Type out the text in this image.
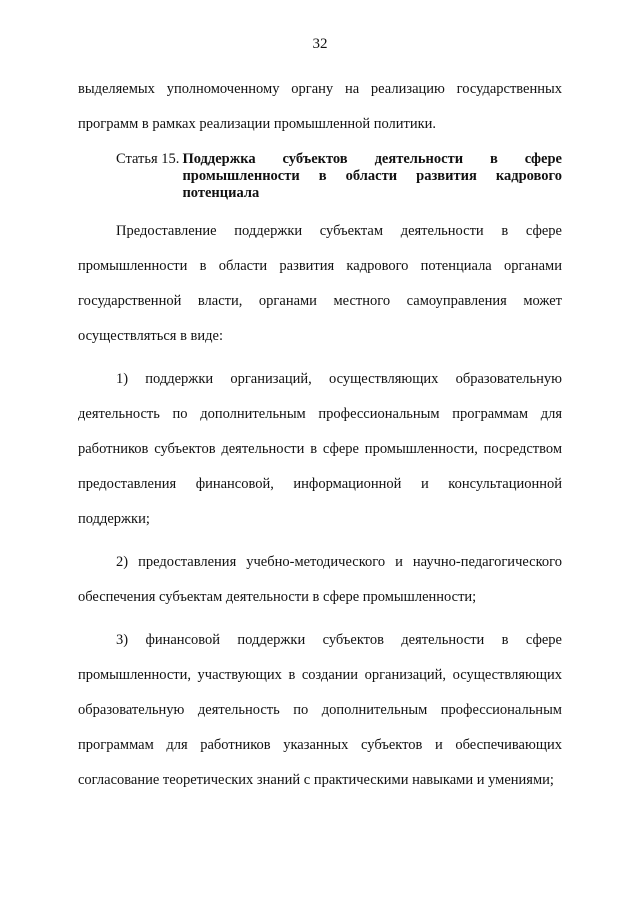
32

выделяемых уполномоченному органу на реализацию государственных программ в рамках реализации промышленной политики.

Статья 15. Поддержка субъектов деятельности в сфере промышленности в области развития кадрового потенциала

Предоставление поддержки субъектам деятельности в сфере промышленности в области развития кадрового потенциала органами государственной власти, органами местного самоуправления может осуществляться в виде:

1) поддержки организаций, осуществляющих образовательную деятельность по дополнительным профессиональным программам для работников субъектов деятельности в сфере промышленности, посредством предоставления финансовой, информационной и консультационной поддержки;

2) предоставления учебно-методического и научно-педагогического обеспечения субъектам деятельности в сфере промышленности;

3) финансовой поддержки субъектов деятельности в сфере промышленности, участвующих в создании организаций, осуществляющих образовательную деятельность по дополнительным профессиональным программам для работников указанных субъектов и обеспечивающих согласование теоретических знаний с практическими навыками и умениями;
